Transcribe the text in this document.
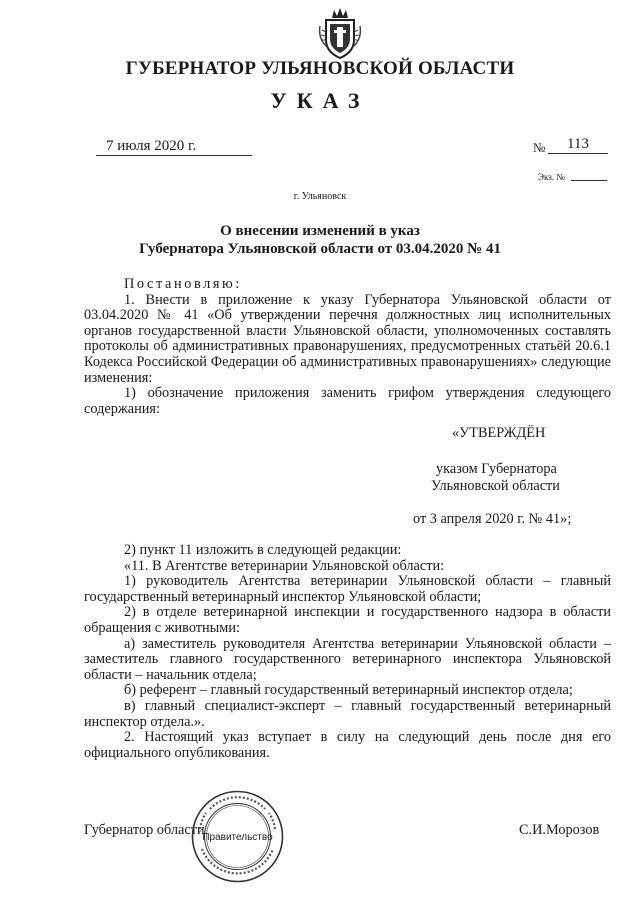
ГУБЕРНАТОР УЛЬЯНОВСКОЙ ОБЛАСТИ
УКАЗ
7 июля 2020 г.	№	113
Экз. №
г. Ульяновск
О внесении изменений в указ
Губернатора Ульяновской области от 03.04.2020 № 41

Постановляю:

1. Внести в приложение к указу Губернатора Ульяновской области от 03.04.2020 № 41 «Об утверждении перечня должностных лиц исполнительных органов государственной власти Ульяновской области, уполномоченных составлять протоколы об административных правонарушениях, предусмотренных статьёй 20.6.1 Кодекса Российской Федерации об административных правонарушениях» следующие изменения:

1) обозначение приложения заменить грифом утверждения следующего содержания:

«УТВЕРЖДЁН
указом Губернатора
Ульяновской области
от 3 апреля 2020 г. № 41»;

2) пункт 11 изложить в следующей редакции:

«11. В Агентстве ветеринарии Ульяновской области:

1) руководитель Агентства ветеринарии Ульяновской области – главный государственный ветеринарный инспектор Ульяновской области;

2) в отделе ветеринарной инспекции и государственного надзора в области обращения с животными:

а) заместитель руководителя Агентства ветеринарии Ульяновской области – заместитель главного государственного ветеринарного инспектора Ульяновской области – начальник отдела;

б) референт – главный государственный ветеринарный инспектор отдела;

в) главный специалист-эксперт – главный государственный ветеринарный инспектор отдела.».

2. Настоящий указ вступает в силу на следующий день после дня его официального опубликования.

Губернатор области	С.И.Морозов
Правительство
